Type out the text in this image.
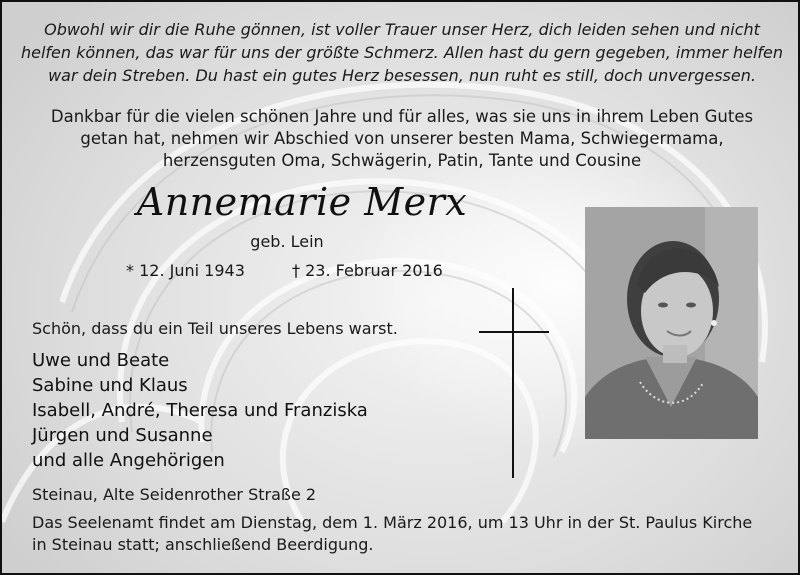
Obwohl wir dir die Ruhe gönnen, ist voller Trauer unser Herz, dich leiden sehen und nicht
helfen können, das war für uns der größte Schmerz. Allen hast du gern gegeben, immer helfen
war dein Streben. Du hast ein gutes Herz besessen, nun ruht es still, doch unvergessen.
Dankbar für die vielen schönen Jahre und für alles, was sie uns in ihrem Leben Gutes
getan hat, nehmen wir Abschied von unserer besten Mama, Schwiegermama,
herzensguten Oma, Schwägerin, Patin, Tante und Cousine
Annemarie Merx
geb. Lein
* 12. Juni 1943	† 23. Februar 2016
Schön, dass du ein Teil unseres Lebens warst.
Uwe und Beate
Sabine und Klaus
Isabell, André, Theresa und Franziska
Jürgen und Susanne
und alle Angehörigen
Steinau, Alte Seidenrother Straße 2
Das Seelenamt findet am Dienstag, dem 1. März 2016, um 13 Uhr in der St. Paulus Kirche
in Steinau statt; anschließend Beerdigung.
